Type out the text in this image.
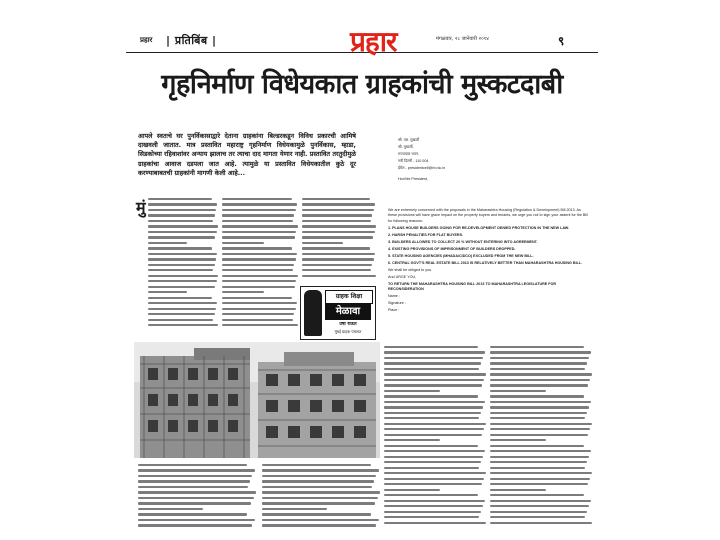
प्रहार | प्रतिबिंब |	प्रहार	मंगळवार, २८ जानेवारी २०१४	९
गृहनिर्माण विधेयकात ग्राहकांची मुस्कटदाबी
आपले स्वतःचे घर पुनर्विकासाद्वारे देताना ग्राहकांना बिल्डरकडून विविध प्रकारची आमिषे दाखवली जातात. मात्र प्रस्तावित महाराष्ट्र गृहनिर्माण विधेयकामुळे पुनर्विकास, म्हाडा, सिडकोच्या रहिवाशांवर अन्याय झालाच तर त्याचा दाद मागता येणार नाही. प्रस्तावित तरतुदीमुळे ग्राहकांचा आवाज दडपला जात आहे. त्यामुळे या प्रस्तावित विधेयकातील कुठे दूर करण्याबाबतची ग्राहकांनी मागणी केली आहे...
मुं

श्री. एस. मुखर्जी

श्री. मुखर्जी,

राज्यपाल भवन,

नवी दिल्ली - 110 004

ईमेल - presidentcell@rb.nic.in

Hon'ble President,

We are extremely concerned with the proposals in the Maharashtra Housing (Regulation & Development) Bill 2013. As these provisions will have grave impact on the property buyers and tenants, we urge you not to sign your assent for the Bill for following reasons:

1. PLANS HOUSE BUILDERS GOING FOR RE-DEVELOPMENT DENIED PROTECTION IN THE NEW LAW.

2. HARSH PENALTIES FOR FLAT BUYERS.

3. BUILDERS ALLOWED TO COLLECT 20 % WITHOUT ENTERING INTO AGREEMENT.

4. EXISTING PROVISIONS OF IMPRISONMENT OF BUILDERS DROPPED.

5. STATE HOUSING AGENCIES (MHADA/CIDCO) EXCLUDED FROM THE NEW BILL.

6. CENTRAL GOVT'S REAL ESTATE BILL 2013 IS RELATIVELY BETTER THAN MAHARASHTRA HOUSING BILL.

We shall be obliged to you.

And URGE YOU,

TO RETURN THE MAHARASHTRA HOUSING BILL 2013 TO MAHARASHTRA LEGISLATURE FOR RECONSIDERATION

Name :

Signature :

Place :

ग्राहक शिक्षा
मेळावा
उषा राऊत
मुंबई ग्राहक पंचायत
